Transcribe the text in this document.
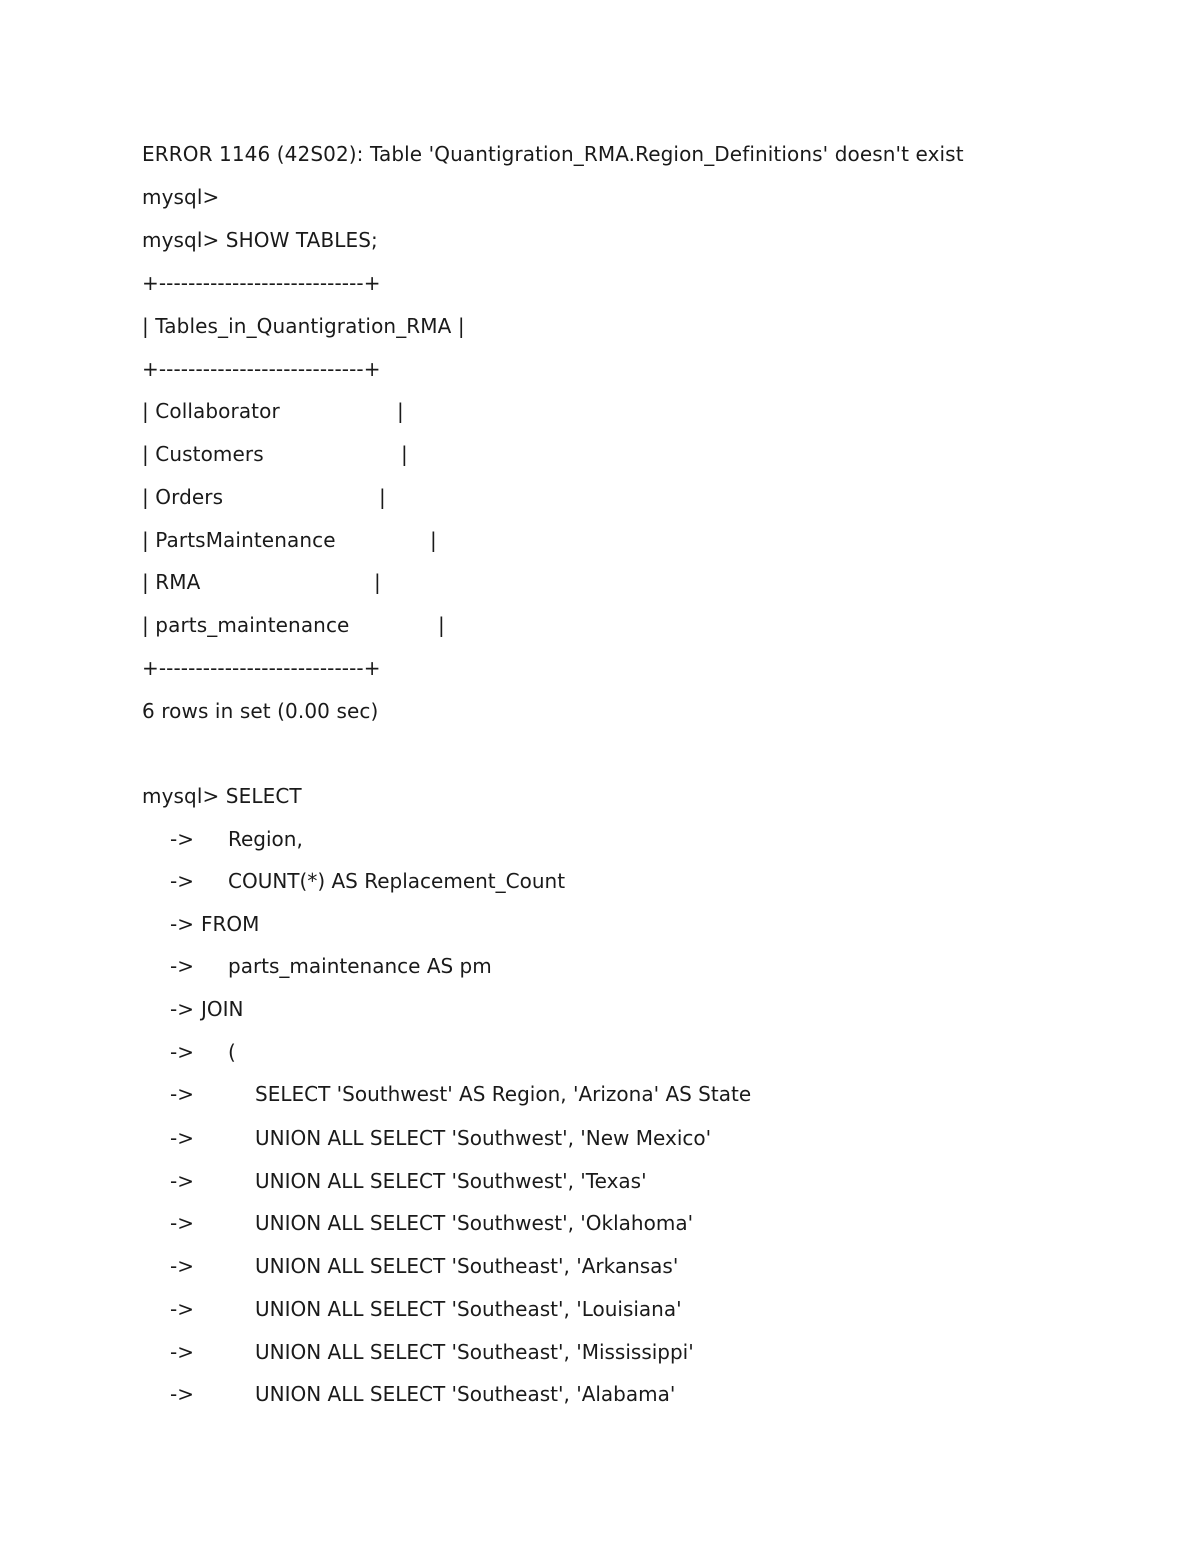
ERROR 1146 (42S02): Table 'Quantigration_RMA.Region_Definitions' doesn't exist
mysql>
mysql> SHOW TABLES;
+----------------------------+
| Tables_in_Quantigration_RMA |
+----------------------------+
| Collaborator	|
| Customers	|
| Orders	|
| PartsMaintenance	|
| RMA	|
| parts_maintenance	|
+----------------------------+
6 rows in set (0.00 sec)
mysql> SELECT
-> Region,
-> COUNT(*) AS Replacement_Count
-> FROM
-> parts_maintenance AS pm
-> JOIN
-> (
->	SELECT 'Southwest' AS Region, 'Arizona' AS State
->	UNION ALL SELECT 'Southwest', 'New Mexico'
->	UNION ALL SELECT 'Southwest', 'Texas'
->	UNION ALL SELECT 'Southwest', 'Oklahoma'
->	UNION ALL SELECT 'Southeast', 'Arkansas'
->	UNION ALL SELECT 'Southeast', 'Louisiana'
->	UNION ALL SELECT 'Southeast', 'Mississippi'
->	UNION ALL SELECT 'Southeast', 'Alabama'
